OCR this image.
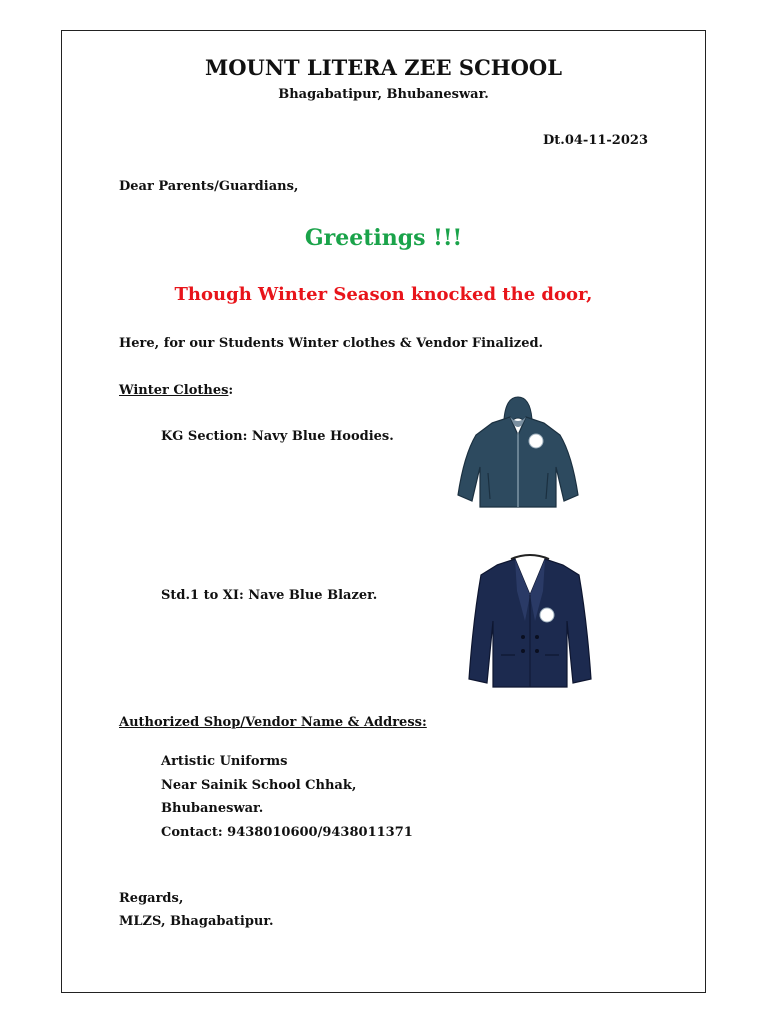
MOUNT LITERA ZEE SCHOOL
Bhagabatipur, Bhubaneswar.
Dt.04-11-2023
Dear Parents/Guardians,
Greetings !!!
Though Winter Season knocked the door,
Here, for our Students Winter clothes & Vendor Finalized.
Winter Clothes:
KG Section: Navy Blue Hoodies.
Std.1 to XI: Nave Blue Blazer.
Authorized Shop/Vendor Name & Address:
Artistic Uniforms
Near Sainik School Chhak,
Bhubaneswar.
Contact: 9438010600/9438011371
Regards,
MLZS, Bhagabatipur.
